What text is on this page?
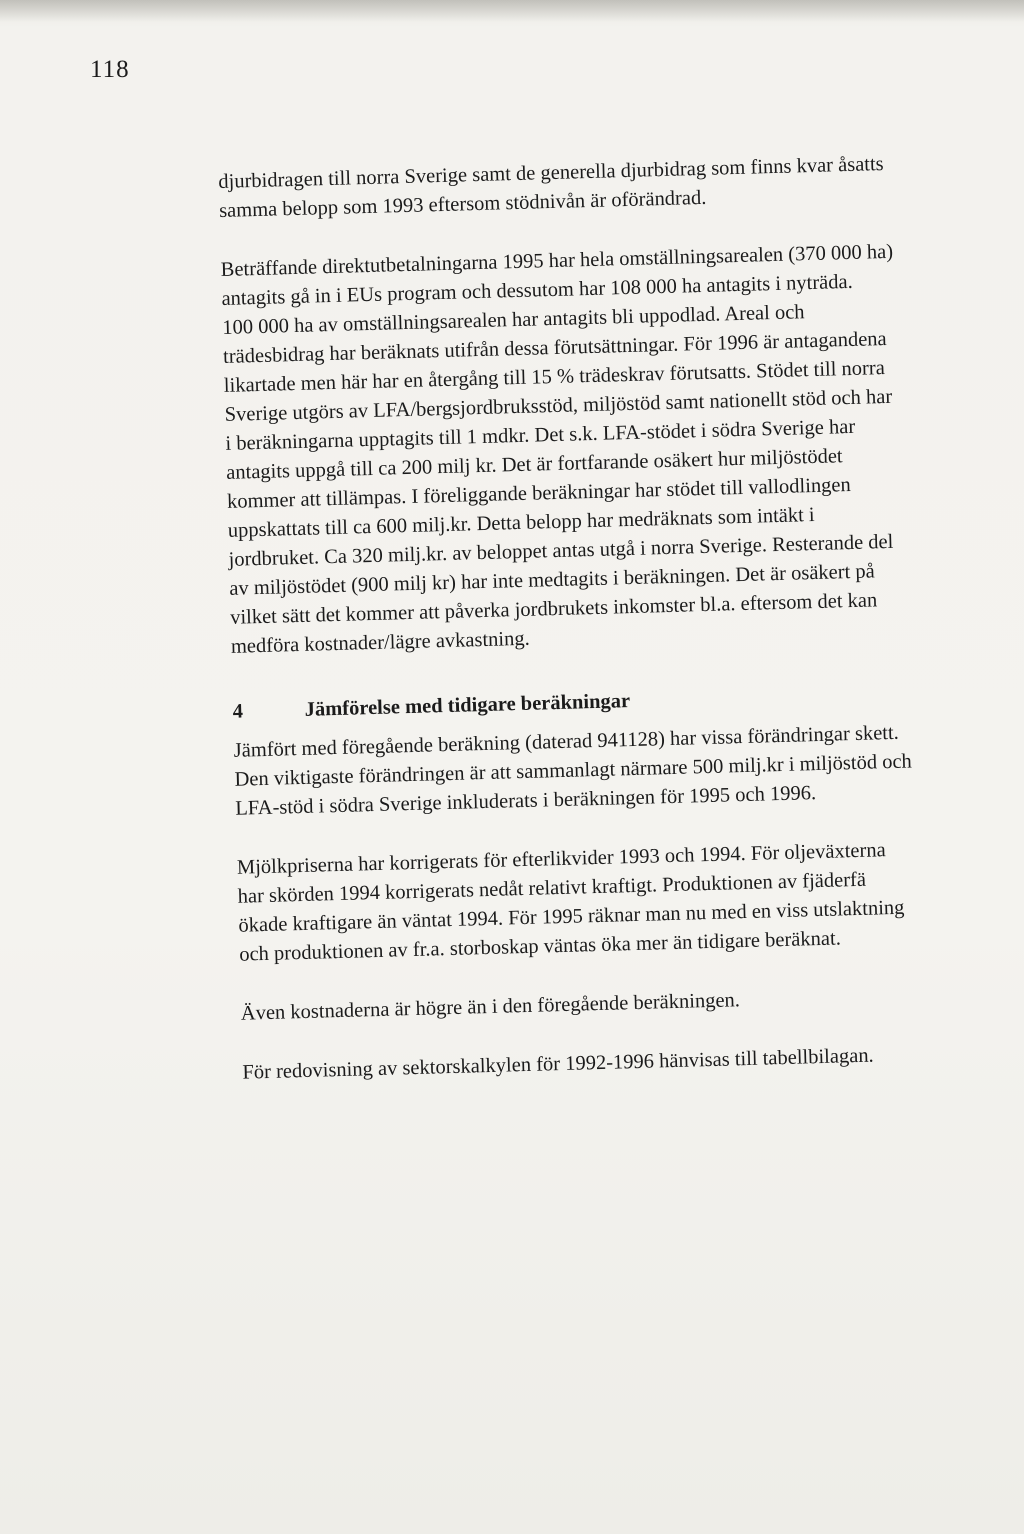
118

djurbidragen till norra Sverige samt de generella djurbidrag som finns kvar åsatts
samma belopp som 1993 eftersom stödnivån är oförändrad.

Beträffande direktutbetalningarna 1995 har hela omställningsarealen (370 000 ha)
antagits gå in i EUs program och dessutom har 108 000 ha antagits i nyträda.
100 000 ha av omställningsarealen har antagits bli uppodlad. Areal och
trädesbidrag har beräknats utifrån dessa förutsättningar. För 1996 är antagandena
likartade men här har en återgång till 15 % trädeskrav förutsatts. Stödet till norra
Sverige utgörs av LFA/bergsjordbruksstöd, miljöstöd samt nationellt stöd och har
i beräkningarna upptagits till 1 mdkr. Det s.k. LFA-stödet i södra Sverige har
antagits uppgå till ca 200 milj kr. Det är fortfarande osäkert hur miljöstödet
kommer att tillämpas. I föreliggande beräkningar har stödet till vallodlingen
uppskattats till ca 600 milj.kr. Detta belopp har medräknats som intäkt i
jordbruket. Ca 320 milj.kr. av beloppet antas utgå i norra Sverige. Resterande del
av miljöstödet (900 milj kr) har inte medtagits i beräkningen. Det är osäkert på
vilket sätt det kommer att påverka jordbrukets inkomster bl.a. eftersom det kan
medföra kostnader/lägre avkastning.

4	Jämförelse med tidigare beräkningar

Jämfört med föregående beräkning (daterad 941128) har vissa förändringar skett.
Den viktigaste förändringen är att sammanlagt närmare 500 milj.kr i miljöstöd och
LFA-stöd i södra Sverige inkluderats i beräkningen för 1995 och 1996.

Mjölkpriserna har korrigerats för efterlikvider 1993 och 1994. För oljeväxterna
har skörden 1994 korrigerats nedåt relativt kraftigt. Produktionen av fjäderfä
ökade kraftigare än väntat 1994. För 1995 räknar man nu med en viss utslaktning
och produktionen av fr.a. storboskap väntas öka mer än tidigare beräknat.

Även kostnaderna är högre än i den föregående beräkningen.

För redovisning av sektorskalkylen för 1992-1996 hänvisas till tabellbilagan.
